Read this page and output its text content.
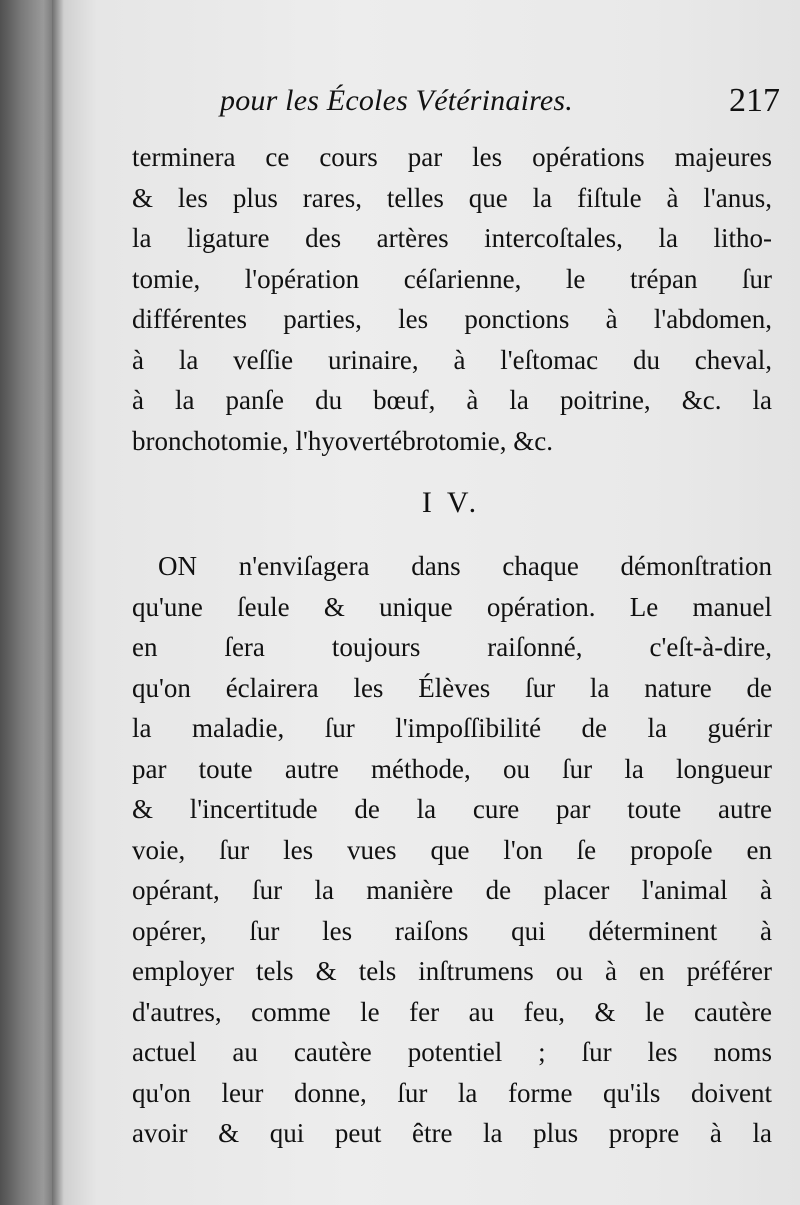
pour les Écoles Vétérinaires.	217
terminera ce cours par les opérations majeures
& les plus rares, telles que la fiſtule à l'anus,
la ligature des artères intercoſtales, la litho-
tomie, l'opération céſarienne, le trépan ſur
différentes parties, les ponctions à l'abdomen,
à la veſſie urinaire, à l'eſtomac du cheval,
à la panſe du bœuf, à la poitrine, &c. la
bronchotomie, l'hyovertébrotomie, &c.
I V.
ON n'enviſagera dans chaque démonſtration
qu'une ſeule & unique opération. Le manuel
en ſera toujours raiſonné, c'eſt-à-dire,
qu'on éclairera les Élèves ſur la nature de
la maladie, ſur l'impoſſibilité de la guérir
par toute autre méthode, ou ſur la longueur
& l'incertitude de la cure par toute autre
voie, ſur les vues que l'on ſe propoſe en
opérant, ſur la manière de placer l'animal à
opérer, ſur les raiſons qui déterminent à
employer tels & tels inſtrumens ou à en préférer
d'autres, comme le fer au feu, & le cautère
actuel au cautère potentiel ; ſur les noms
qu'on leur donne, ſur la forme qu'ils doivent
avoir & qui peut être la plus propre à la
